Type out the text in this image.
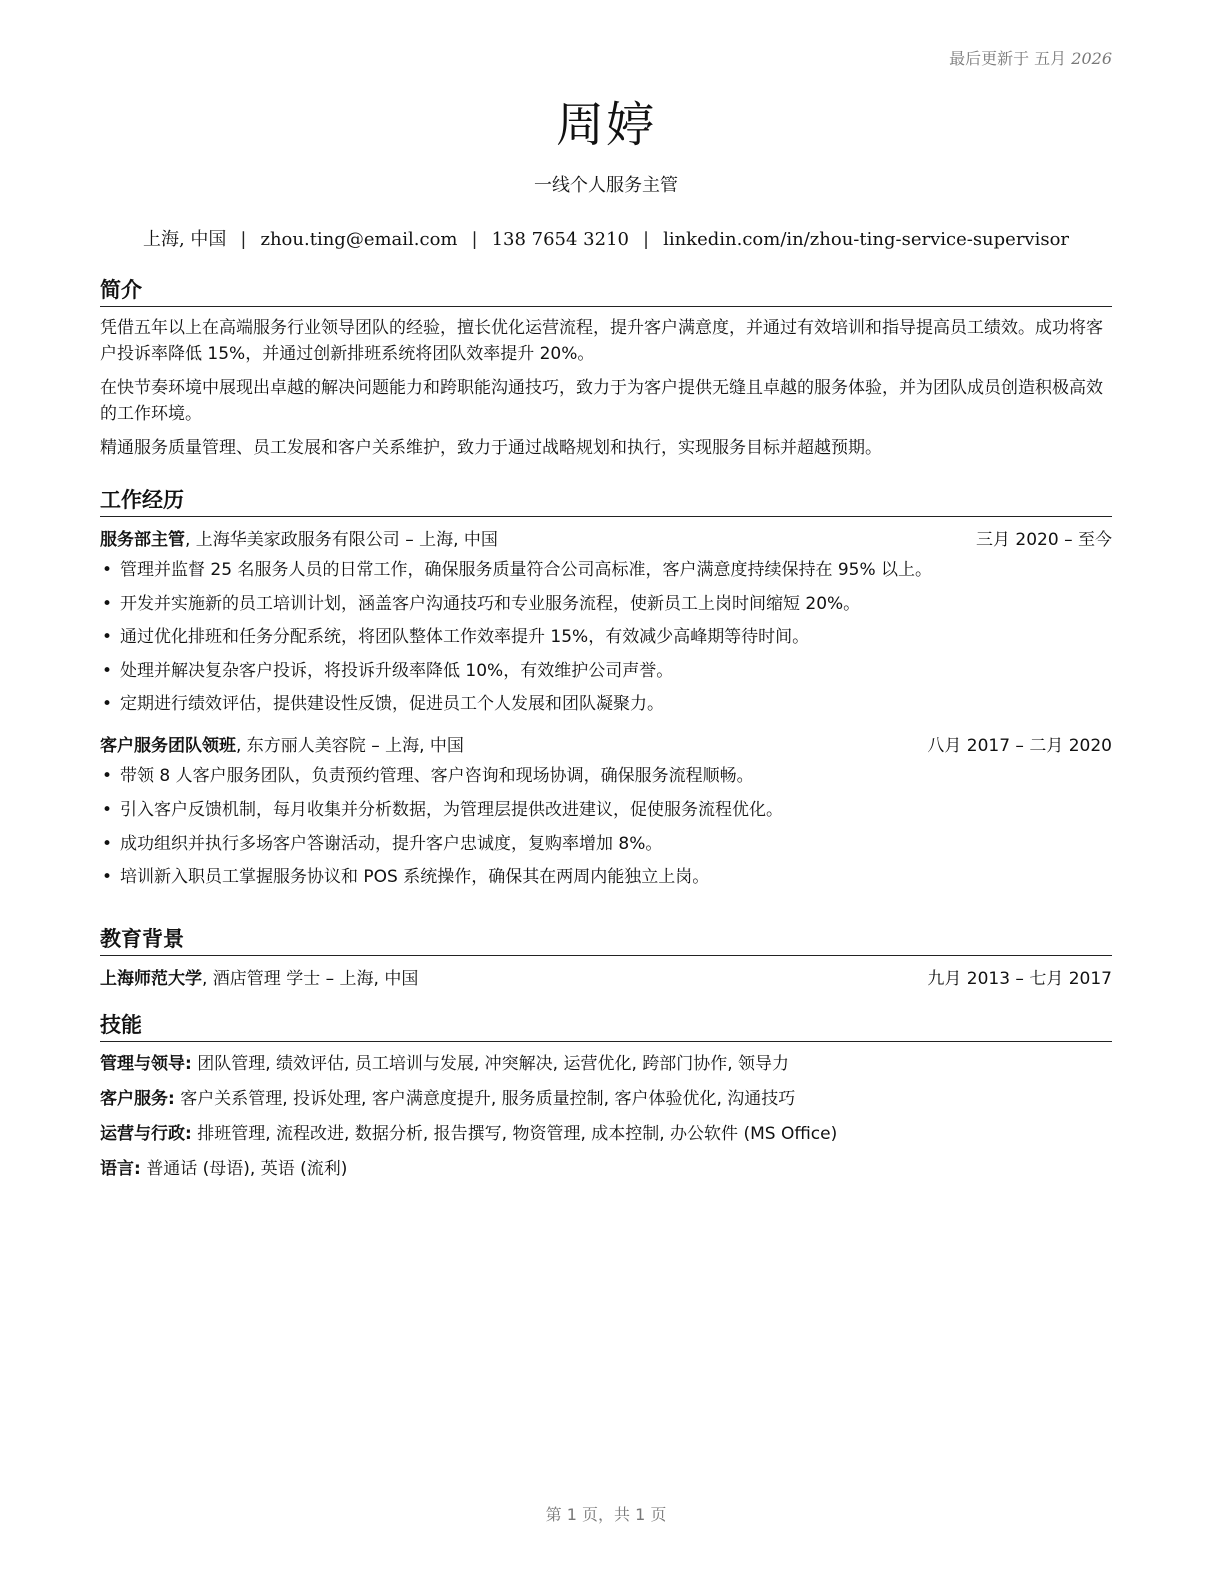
最后更新于 五月 2026
周婷
一线个人服务主管
上海, 中国 | zhou.ting@email.com | 138 7654 3210 | linkedin.com/in/zhou-ting-service-supervisor
简介
凭借五年以上在高端服务行业领导团队的经验，擅长优化运营流程，提升客户满意度，并通过有效培训和指导提高员工绩效。成功将客户投诉率降低 15%，并通过创新排班系统将团队效率提升 20%。
在快节奏环境中展现出卓越的解决问题能力和跨职能沟通技巧，致力于为客户提供无缝且卓越的服务体验，并为团队成员创造积极高效的工作环境。
精通服务质量管理、员工发展和客户关系维护，致力于通过战略规划和执行，实现服务目标并超越预期。
工作经历
服务部主管, 上海华美家政服务有限公司 – 上海, 中国	三月 2020 – 至今
• 管理并监督 25 名服务人员的日常工作，确保服务质量符合公司高标准，客户满意度持续保持在 95% 以上。
• 开发并实施新的员工培训计划，涵盖客户沟通技巧和专业服务流程，使新员工上岗时间缩短 20%。
• 通过优化排班和任务分配系统，将团队整体工作效率提升 15%，有效减少高峰期等待时间。
• 处理并解决复杂客户投诉，将投诉升级率降低 10%，有效维护公司声誉。
• 定期进行绩效评估，提供建设性反馈，促进员工个人发展和团队凝聚力。
客户服务团队领班, 东方丽人美容院 – 上海, 中国	八月 2017 – 二月 2020
• 带领 8 人客户服务团队，负责预约管理、客户咨询和现场协调，确保服务流程顺畅。
• 引入客户反馈机制，每月收集并分析数据，为管理层提供改进建议，促使服务流程优化。
• 成功组织并执行多场客户答谢活动，提升客户忠诚度，复购率增加 8%。
• 培训新入职员工掌握服务协议和 POS 系统操作，确保其在两周内能独立上岗。
教育背景
上海师范大学, 酒店管理 学士 – 上海, 中国	九月 2013 – 七月 2017
技能
管理与领导: 团队管理, 绩效评估, 员工培训与发展, 冲突解决, 运营优化, 跨部门协作, 领导力
客户服务: 客户关系管理, 投诉处理, 客户满意度提升, 服务质量控制, 客户体验优化, 沟通技巧
运营与行政: 排班管理, 流程改进, 数据分析, 报告撰写, 物资管理, 成本控制, 办公软件 (MS Office)
语言: 普通话 (母语), 英语 (流利)
第 1 页，共 1 页
